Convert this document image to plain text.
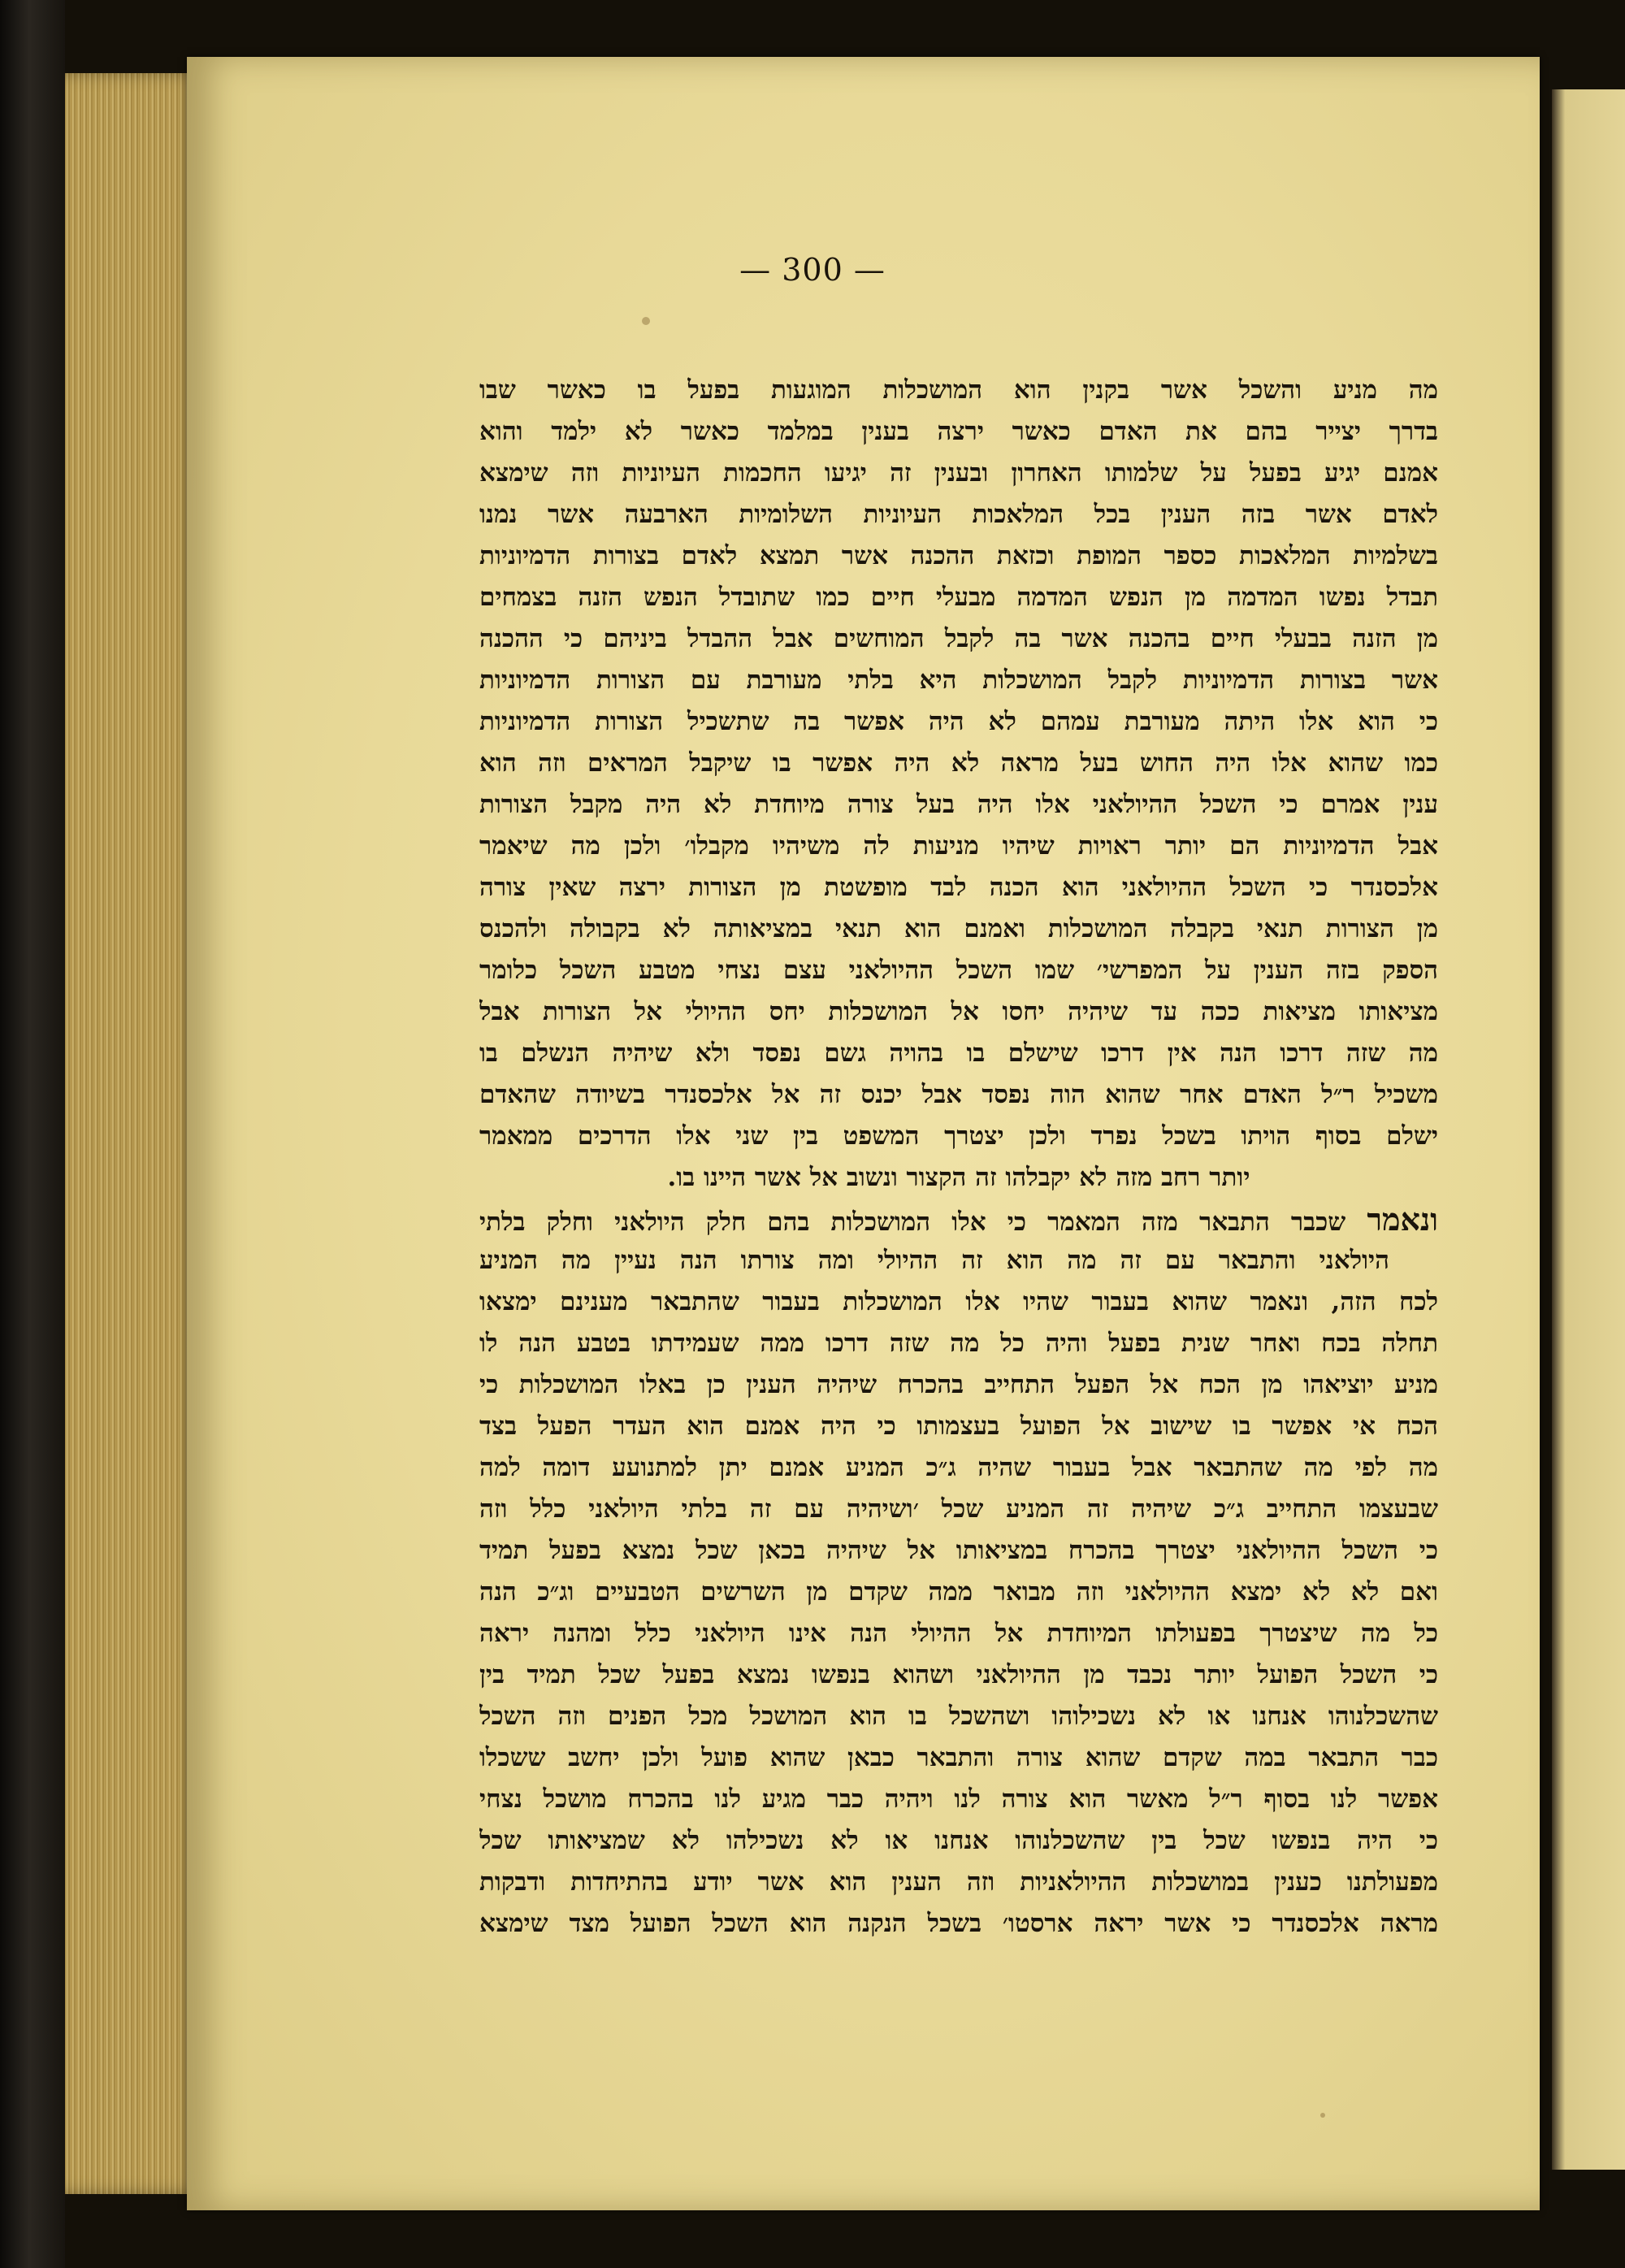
— 300 —
מה מניע והשכל אשר בקנין הוא המושכלות המוגעות בפעל בו כאשר שבו
בדרך יצייר בהם את האדם כאשר ירצה בענין במלמד כאשר לא ילמד והוא
אמנם יגיע בפעל על שלמותו האחרון ובענין זה יגיעו החכמות העיוניות וזה שימצא
לאדם אשר בזה הענין בכל המלאכות העיוניות השלומיות הארבעה אשר נמנו
בשלמיות המלאכות כספר המופת וכזאת ההכנה אשר תמצא לאדם בצורות הדמיוניות
תבדל נפשו המדמה מן הנפש המדמה מבעלי חיים כמו שתובדל הנפש הזנה בצמחים
מן הזנה בבעלי חיים בהכנה אשר בה לקבל המוחשים אבל ההבדל ביניהם כי ההכנה
אשר בצורות הדמיוניות לקבל המושכלות היא בלתי מעורבת עם הצורות הדמיוניות
כי הוא אלו היתה מעורבת עמהם לא היה אפשר בה שתשכיל הצורות הדמיוניות
כמו שהוא אלו היה החוש בעל מראה לא היה אפשר בו שיקבל המראים וזה הוא
ענין אמרם כי השכל ההיולאני אלו היה בעל צורה מיוחדת לא היה מקבל הצורות
אבל הדמיוניות הם יותר ראויות שיהיו מניעות לה משיהיו מקבלו׳ ולכן מה שיאמר
אלכסנדר כי השכל ההיולאני הוא הכנה לבד מופשטת מן הצורות ירצה שאין צורה
מן הצורות תנאי בקבלה המושכלות ואמנם הוא תנאי במציאותה לא בקבולה ולהכנס
הספק בזה הענין על המפרשי׳ שמו השכל ההיולאני עצם נצחי מטבע השכל כלומר
מציאותו מציאות ככה עד שיהיה יחסו אל המושכלות יחס ההיולי אל הצורות אבל
מה שזה דרכו הנה אין דרכו שישלם בו בהויה גשם נפסד ולא שיהיה הנשלם בו
משכיל ר״ל האדם אחר שהוא הוה נפסד אבל יכנס זה אל אלכסנדר בשיודה שהאדם
ישלם בסוף הויתו בשכל נפרד ולכן יצטרך המשפט בין שני אלו הדרכים ממאמר
יותר רחב מזה לא יקבלהו זה הקצור ונשוב אל אשר היינו בו.
ונאמר שכבר התבאר מזה המאמר כי אלו המושכלות בהם חלק היולאני וחלק בלתי
היולאני והתבאר עם זה מה הוא זה ההיולי ומה צורתו הנה נעיין מה המניע
לכח הזה, ונאמר שהוא בעבור שהיו אלו המושכלות בעבור שהתבאר מענינם ימצאו
תחלה בכח ואחר שנית בפעל והיה כל מה שזה דרכו ממה שעמידתו בטבע הנה לו
מניע יוציאהו מן הכח אל הפעל התחייב בהכרח שיהיה הענין כן באלו המושכלות כי
הכח אי אפשר בו שישוב אל הפועל בעצמותו כי היה אמנם הוא העדר הפעל בצד
מה לפי מה שהתבאר אבל בעבור שהיה ג״כ המניע אמנם יתן למתנועע דומה למה
שבעצמו התחייב ג״כ שיהיה זה המניע שכל ׳ושיהיה עם זה בלתי היולאני כלל וזה
כי השכל ההיולאני יצטרך בהכרח במציאותו אל שיהיה בכאן שכל נמצא בפעל תמיד
ואם לא לא ימצא ההיולאני וזה מבואר ממה שקדם מן השרשים הטבעיים וג״כ הנה
כל מה שיצטרך בפעולתו המיוחדת אל ההיולי הנה אינו היולאני כלל ומהנה יראה
כי השכל הפועל יותר נכבד מן ההיולאני ושהוא בנפשו נמצא בפעל שכל תמיד בין
שהשכלנוהו אנחנו או לא נשכילוהו ושהשכל בו הוא המושכל מכל הפנים וזה השכל
כבר התבאר במה שקדם שהוא צורה והתבאר כבאן שהוא פועל ולכן יחשב ששכלו
אפשר לנו בסוף ר״ל מאשר הוא צורה לנו ויהיה כבר מגיע לנו בהכרח מושכל נצחי
כי היה בנפשו שכל בין שהשכלנוהו אנחנו או לא נשכילהו לא שמציאותו שכל
מפעולתנו כענין במושכלות ההיולאניות וזה הענין הוא אשר יודע בהתיחדות ודבקות
מראה אלכסנדר כי אשר יראה ארסטו׳ בשכל הנקנה הוא השכל הפועל מצד שימצא
